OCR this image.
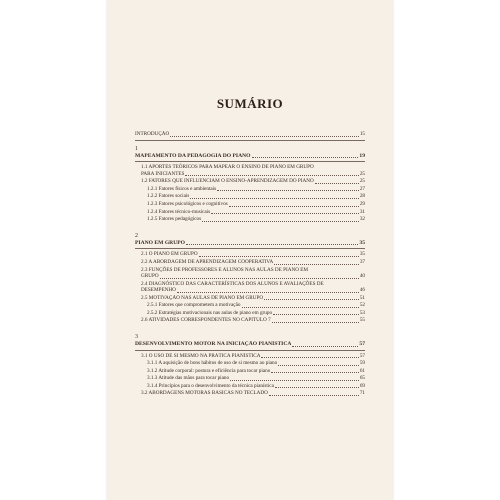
SUMÁRIO
INTRODUÇÃO	15
1
MAPEAMENTO DA PEDAGOGIA DO PIANO	19
1.1 APORTES TEÓRICOS PARA MAPEAR O ENSINO DE PIANO EM GRUPO
PARA INICIANTES	25
1.2 FATORES QUE INFLUENCIAM O ENSINO-APRENDIZAGEM DO PIANO	25
1.2.1 Fatores físicos e ambientais	27
1.2.2 Fatores sociais	28
1.2.3 Fatores psicológicos e cognitivos	29
1.2.4 Fatores técnico-musicais	31
1.2.5 Fatores pedagógicos	32
2
PIANO EM GRUPO	35
2.1 O PIANO EM GRUPO	35
2.2 A ABORDAGEM DE APRENDIZAGEM COOPERATIVA	37
2.3 FUNÇÕES DE PROFESSORES E ALUNOS NAS AULAS DE PIANO EM
GRUPO	40
2.4 DIAGNÓSTICO DAS CARACTERÍSTICAS DOS ALUNOS E AVALIAÇÕES DE
DESEMPENHO	46
2.5 MOTIVAÇÃO NAS AULAS DE PIANO EM GRUPO	51
2.5.1 Fatores que comprometem a motivação	52
2.5.2 Estratégias motivacionais nas aulas de piano em grupo	53
2.6 ATIVIDADES CORRESPONDENTES NO CAPÍTULO 7	55
3
DESENVOLVIMENTO MOTOR NA INICIAÇÃO PIANÍSTICA	57
3.1 O USO DE SI MESMO NA PRÁTICA PIANÍSTICA	57
3.1.1 A aquisição de bons hábitos de uso de si mesmo ao piano	59
3.1.2 Atitude corporal: postura e eficiência para tocar piano	61
3.1.3 Atitude das mãos para tocar piano	65
3.1.4 Princípios para o desenvolvimento da técnica pianística	69
3.2 ABORDAGENS MOTORAS BÁSICAS NO TECLADO	71
